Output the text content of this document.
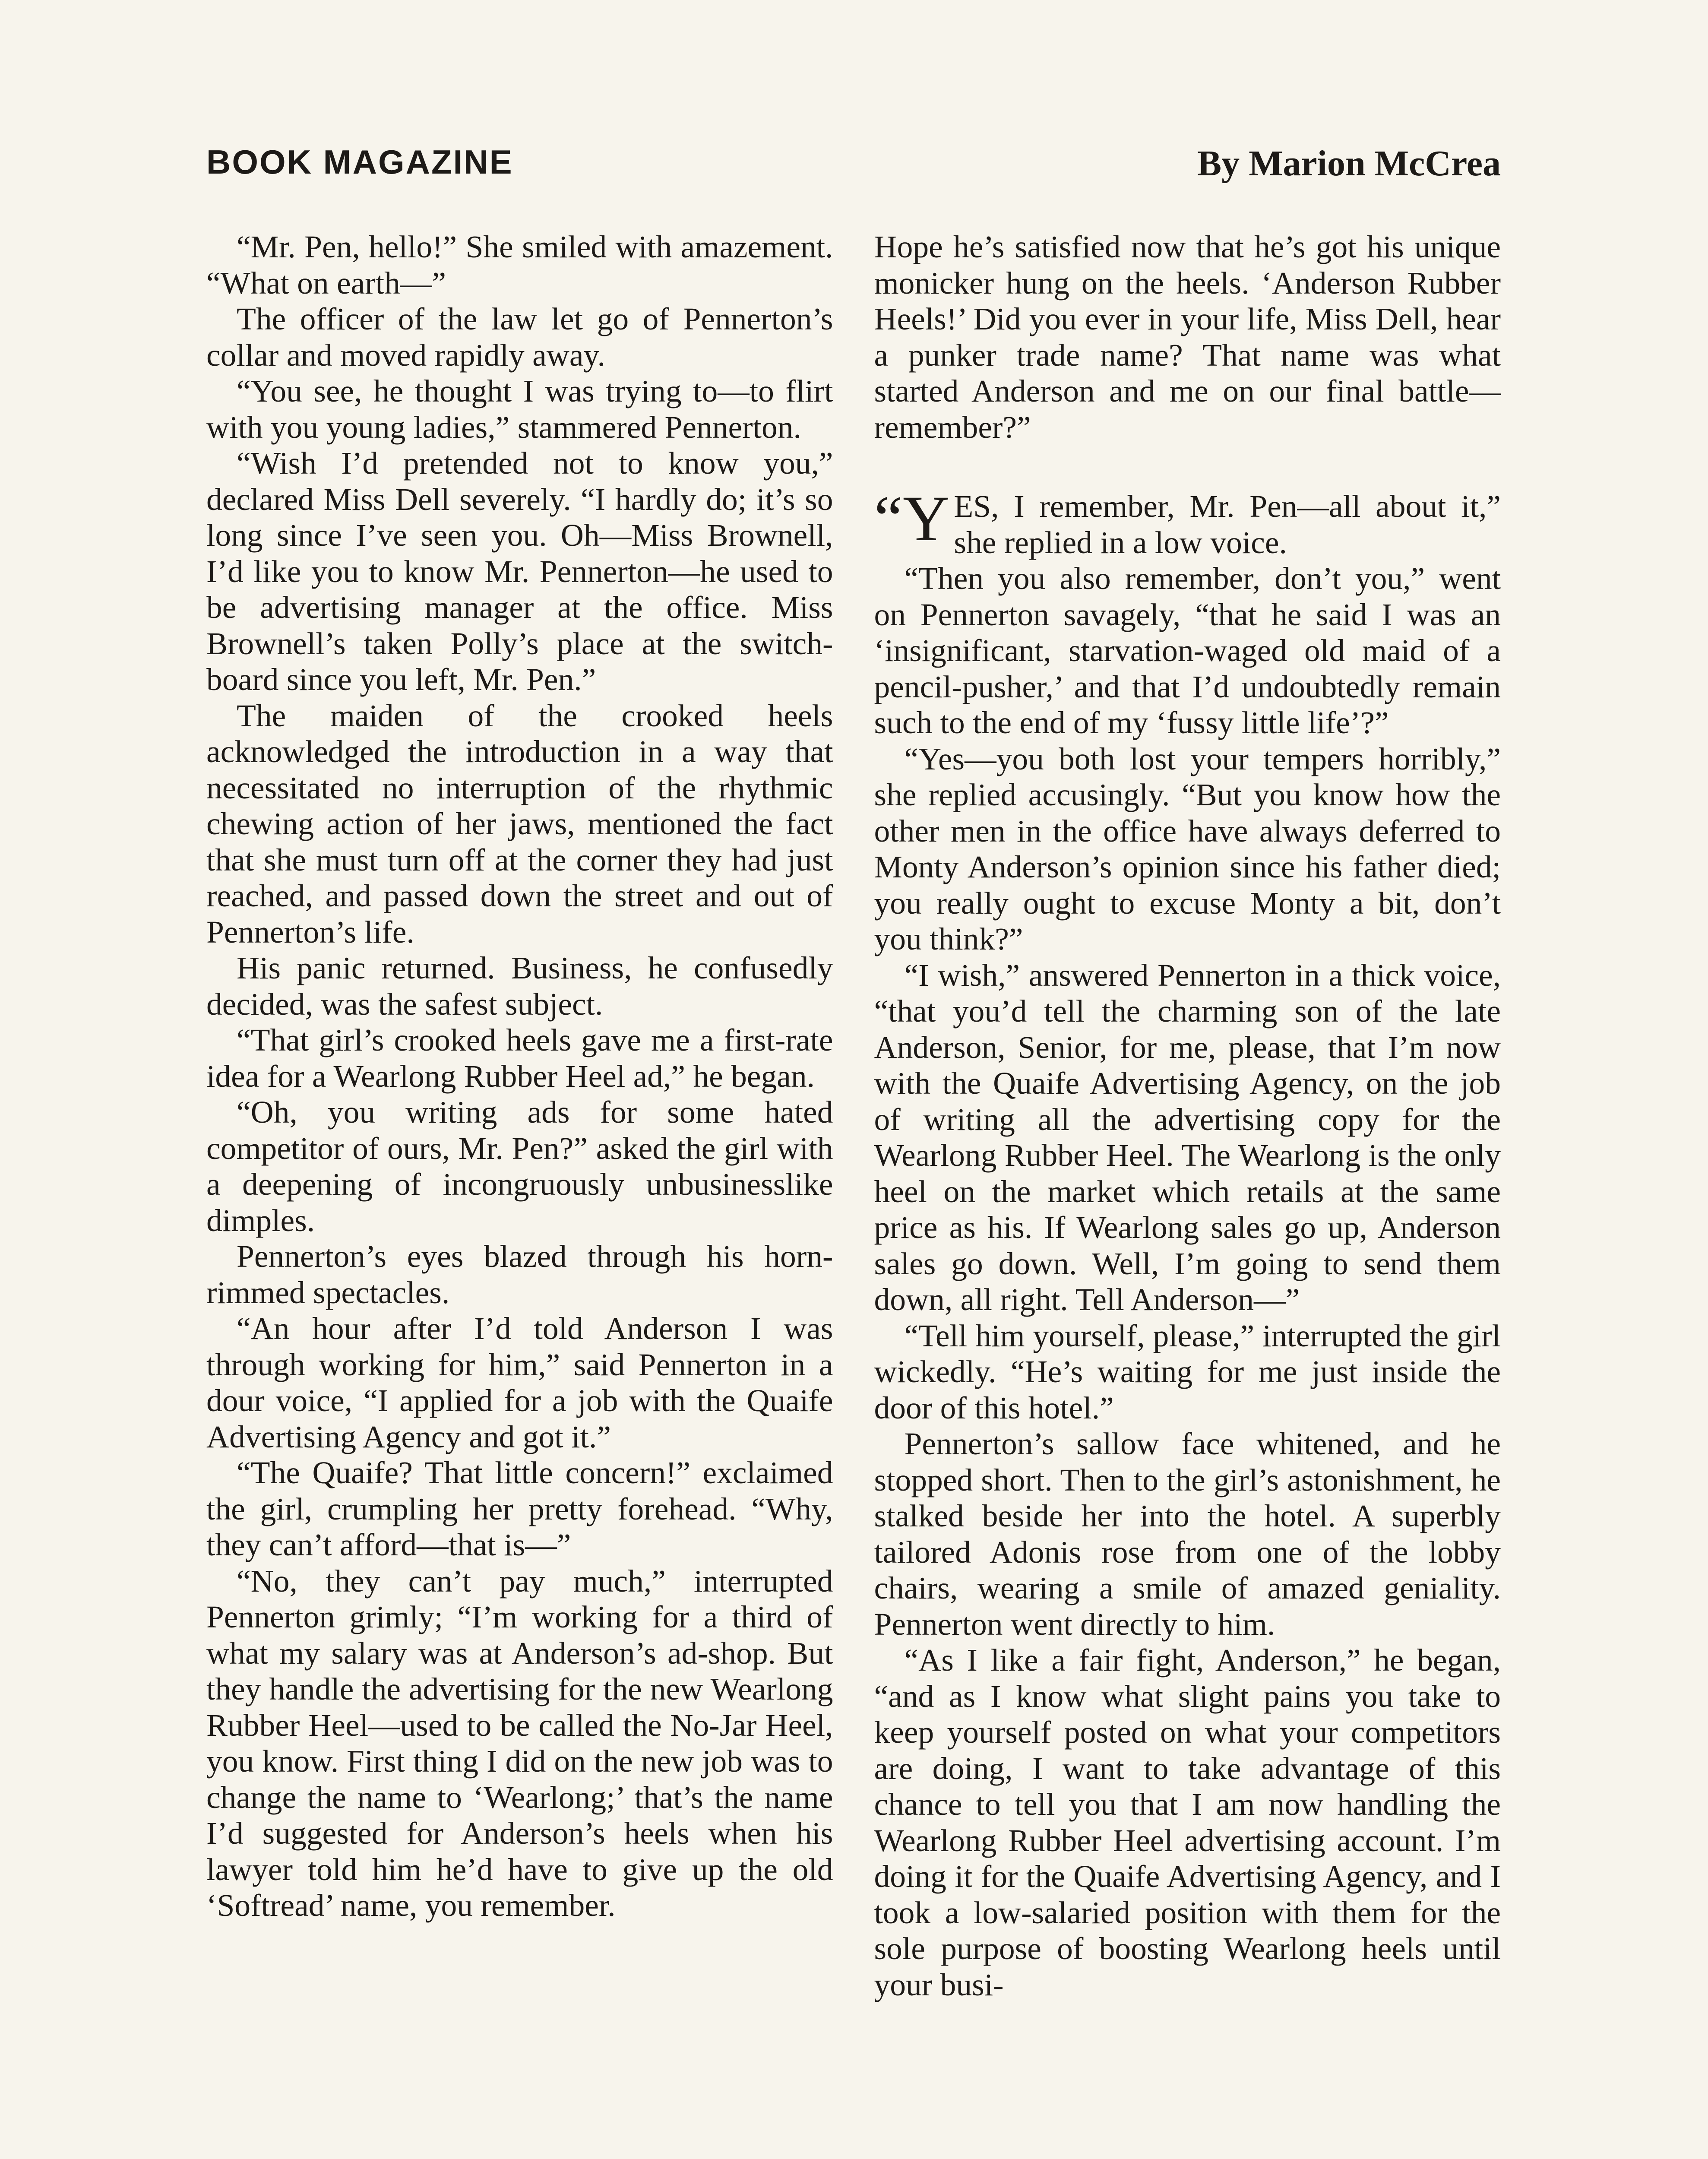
BOOK MAGAZINE	By Marion McCrea

“Mr. Pen, hello!” She smiled with amazement. “What on earth—”

The officer of the law let go of Pennerton’s collar and moved rapidly away.

“You see, he thought I was trying to—to flirt with you young ladies,” stammered Pennerton.

“Wish I’d pretended not to know you,” declared Miss Dell severely. “I hardly do; it’s so long since I’ve seen you. Oh—Miss Brownell, I’d like you to know Mr. Pennerton—he used to be advertising manager at the office. Miss Brownell’s taken Polly’s place at the switch-board since you left, Mr. Pen.”

The maiden of the crooked heels acknowledged the introduction in a way that necessitated no interruption of the rhythmic chewing action of her jaws, mentioned the fact that she must turn off at the corner they had just reached, and passed down the street and out of Pennerton’s life.

His panic returned. Business, he confusedly decided, was the safest subject.

“That girl’s crooked heels gave me a first-rate idea for a Wearlong Rubber Heel ad,” he began.

“Oh, you writing ads for some hated competitor of ours, Mr. Pen?” asked the girl with a deepening of incongruously unbusinesslike dimples.

Pennerton’s eyes blazed through his horn-rimmed spectacles.

“An hour after I’d told Anderson I was through working for him,” said Pennerton in a dour voice, “I applied for a job with the Quaife Advertising Agency and got it.”

“The Quaife? That little concern!” exclaimed the girl, crumpling her pretty forehead. “Why, they can’t afford—that is—”

“No, they can’t pay much,” interrupted Pennerton grimly; “I’m working for a third of what my salary was at Anderson’s ad-shop. But they handle the advertising for the new Wearlong Rubber Heel—used to be called the No-Jar Heel, you know. First thing I did on the new job was to change the name to ‘Wearlong;’ that’s the name I’d suggested for Anderson’s heels when his lawyer told him he’d have to give up the old ‘Softread’ name, you remember.

Hope he’s satisfied now that he’s got his unique monicker hung on the heels. ‘Anderson Rubber Heels!’ Did you ever in your life, Miss Dell, hear a punker trade name? That name was what started Anderson and me on our final battle—remember?”

“Y ES, I remember, Mr. Pen—all about it,” she replied in a low voice.

“Then you also remember, don’t you,” went on Pennerton savagely, “that he said I was an ‘insignificant, starvation-waged old maid of a pencil-pusher,’ and that I’d undoubtedly remain such to the end of my ‘fussy little life’?”

“Yes—you both lost your tempers horribly,” she replied accusingly. “But you know how the other men in the office have always deferred to Monty Anderson’s opinion since his father died; you really ought to excuse Monty a bit, don’t you think?”

“I wish,” answered Pennerton in a thick voice, “that you’d tell the charming son of the late Anderson, Senior, for me, please, that I’m now with the Quaife Advertising Agency, on the job of writing all the advertising copy for the Wearlong Rubber Heel. The Wearlong is the only heel on the market which retails at the same price as his. If Wearlong sales go up, Anderson sales go down. Well, I’m going to send them down, all right. Tell Anderson—”

“Tell him yourself, please,” interrupted the girl wickedly. “He’s waiting for me just inside the door of this hotel.”

Pennerton’s sallow face whitened, and he stopped short. Then to the girl’s astonishment, he stalked beside her into the hotel. A superbly tailored Adonis rose from one of the lobby chairs, wearing a smile of amazed geniality. Pennerton went directly to him.

“As I like a fair fight, Anderson,” he began, “and as I know what slight pains you take to keep yourself posted on what your competitors are doing, I want to take advantage of this chance to tell you that I am now handling the Wearlong Rubber Heel advertising account. I’m doing it for the Quaife Advertising Agency, and I took a low-salaried position with them for the sole purpose of boosting Wearlong heels until your busi-
